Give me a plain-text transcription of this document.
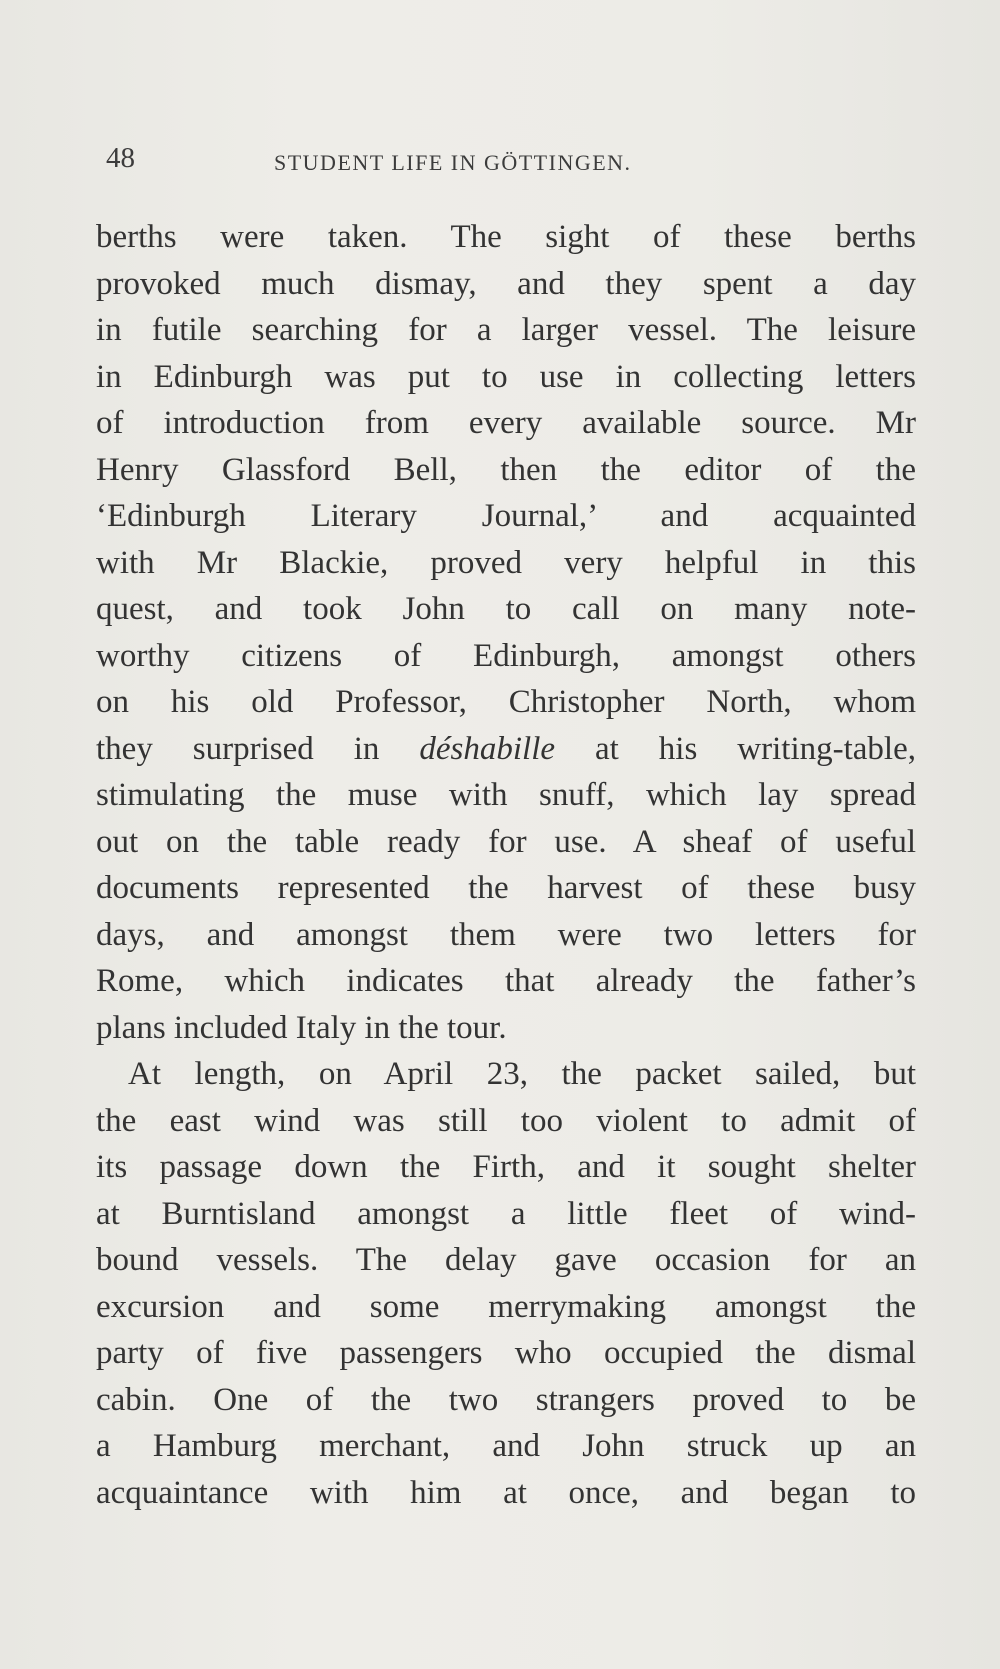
48	STUDENT LIFE IN GÖTTINGEN.
berths were taken. The sight of these berths
provoked much dismay, and they spent a day
in futile searching for a larger vessel. The leisure
in Edinburgh was put to use in collecting letters
of introduction from every available source. Mr
Henry Glassford Bell, then the editor of the
‘Edinburgh Literary Journal,’ and acquainted
with Mr Blackie, proved very helpful in this
quest, and took John to call on many note-
worthy citizens of Edinburgh, amongst others
on his old Professor, Christopher North, whom
they surprised in déshabille at his writing-table,
stimulating the muse with snuff, which lay spread
out on the table ready for use. A sheaf of useful
documents represented the harvest of these busy
days, and amongst them were two letters for
Rome, which indicates that already the father’s
plans included Italy in the tour.
At length, on April 23, the packet sailed, but
the east wind was still too violent to admit of
its passage down the Firth, and it sought shelter
at Burntisland amongst a little fleet of wind-
bound vessels. The delay gave occasion for an
excursion and some merrymaking amongst the
party of five passengers who occupied the dismal
cabin. One of the two strangers proved to be
a Hamburg merchant, and John struck up an
acquaintance with him at once, and began to
